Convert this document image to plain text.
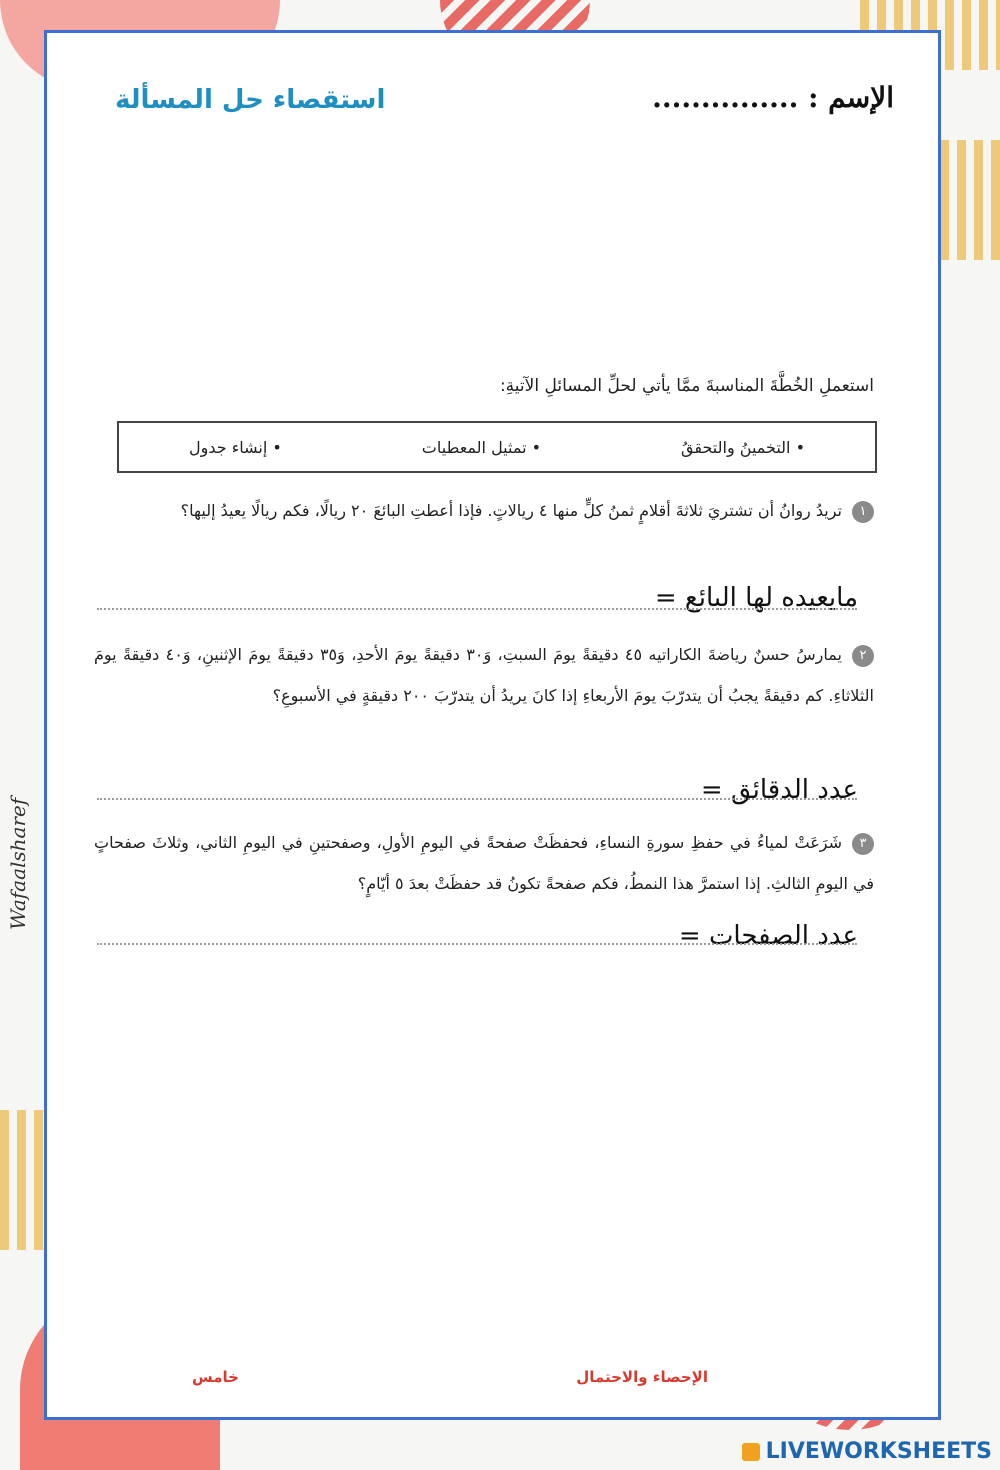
Wafaalsharef
الإسم : ...............
استقصاء حل المسألة
استعملِ الخُطَّةَ المناسبةَ ممَّا يأتي لحلِّ المسائلِ الآتيةِ:
• التخمينُ والتحققُ
• تمثيل المعطيات
• إنشاء جدول
١تريدُ روانُ أن تشتريَ ثلاثةَ أقلامٍ ثمنُ كلٍّ منها ٤ ريالاتٍ. فإذا أعطتِ البائعَ ٢٠ ريالًا، فكم ريالًا يعيدُ إليها؟
مايعيده لها البائع =
٢يمارسُ حسنٌ رياضةَ الكاراتيه ٤٥ دقيقةً يومَ السبتِ، وَ٣٠ دقيقةً يومَ الأحدِ، وَ٣٥ دقيقةً يومَ الإثنينِ، وَ٤٠ دقيقةً يومَ الثلاثاءِ. كم دقيقةً يجبُ أن يتدرّبَ يومَ الأربعاءِ إذا كانَ يريدُ أن يتدرّبَ ٢٠٠ دقيقةٍ في الأسبوعِ؟
عدد الدقائق =
٣شَرَعَتْ لمياءُ في حفظِ سورةِ النساءِ، فحفظَتْ صفحةً في اليومِ الأولِ، وصفحتينِ في اليومِ الثاني، وثلاثَ صفحاتٍ في اليومِ الثالثِ. إذا استمرَّ هذا النمطُ، فكم صفحةً تكونُ قد حفظَتْ بعدَ ٥ أيّامٍ؟
عدد الصفحات =
الإحصاء والاحتمال
خامس
LIVEWORKSHEETS
